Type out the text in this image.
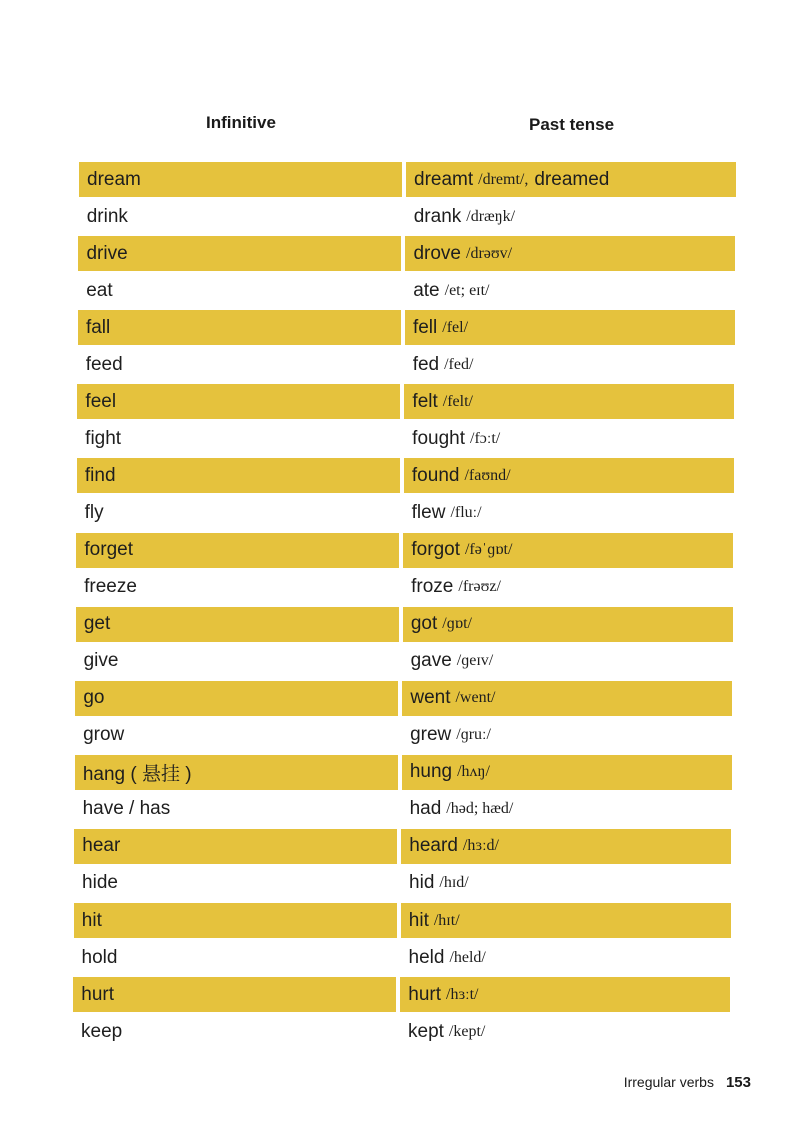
Infinitive	Past tense
dream	dreamt /dremt/, dreamed
drink	drank /dræŋk/
drive	drove /drəʊv/
eat	ate /et; eɪt/
fall	fell /fel/
feed	fed /fed/
feel	felt /felt/
fight	fought /fɔːt/
find	found /faʊnd/
fly	flew /fluː/
forget	forgot /fəˈɡɒt/
freeze	froze /frəʊz/
get	got /ɡɒt/
give	gave /ɡeɪv/
go	went /went/
grow	grew /ɡruː/
hang ( 悬挂 )	hung /hʌŋ/
have / has	had /həd; hæd/
hear	heard /hɜːd/
hide	hid /hɪd/
hit	hit /hɪt/
hold	held /held/
hurt	hurt /hɜːt/
keep	kept /kept/
Irregular verbs 153
